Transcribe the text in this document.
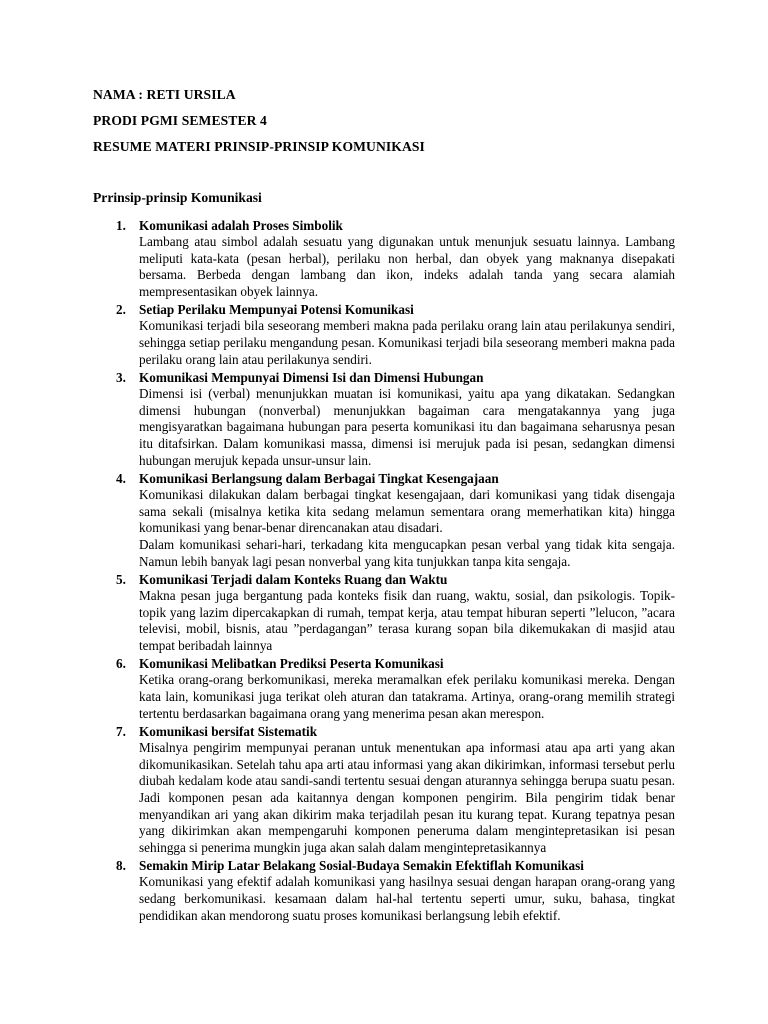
NAMA : RETI URSILA
PRODI PGMI SEMESTER 4
RESUME MATERI PRINSIP-PRINSIP KOMUNIKASI
Prrinsip-prinsip Komunikasi
1. Komunikasi adalah Proses Simbolik

Lambang atau simbol adalah sesuatu yang digunakan untuk menunjuk sesuatu lainnya. Lambang meliputi kata-kata (pesan herbal), perilaku non herbal, dan obyek yang maknanya disepakati bersama. Berbeda dengan lambang dan ikon, indeks adalah tanda yang secara alamiah mempresentasikan obyek lainnya.

2. Setiap Perilaku Mempunyai Potensi Komunikasi

Komunikasi terjadi bila seseorang memberi makna pada perilaku orang lain atau perilakunya sendiri, sehingga setiap perilaku mengandung pesan. Komunikasi terjadi bila seseorang memberi makna pada perilaku orang lain atau perilakunya sendiri.

3. Komunikasi Mempunyai Dimensi Isi dan Dimensi Hubungan

Dimensi isi (verbal) menunjukkan muatan isi komunikasi, yaitu apa yang dikatakan. Sedangkan dimensi hubungan (nonverbal) menunjukkan bagaiman cara mengatakannya yang juga mengisyaratkan bagaimana hubungan para peserta komunikasi itu dan bagaimana seharusnya pesan itu ditafsirkan. Dalam komunikasi massa, dimensi isi merujuk pada isi pesan, sedangkan dimensi hubungan merujuk kepada unsur-unsur lain.

4. Komunikasi Berlangsung dalam Berbagai Tingkat Kesengajaan

Komunikasi dilakukan dalam berbagai tingkat kesengajaan, dari komunikasi yang tidak disengaja sama sekali (misalnya ketika kita sedang melamun sementara orang memerhatikan kita) hingga komunikasi yang benar-benar direncanakan atau disadari.

Dalam komunikasi sehari-hari, terkadang kita mengucapkan pesan verbal yang tidak kita sengaja. Namun lebih banyak lagi pesan nonverbal yang kita tunjukkan tanpa kita sengaja.

5. Komunikasi Terjadi dalam Konteks Ruang dan Waktu

Makna pesan juga bergantung pada konteks fisik dan ruang, waktu, sosial, dan psikologis. Topik-topik yang lazim dipercakapkan di rumah, tempat kerja, atau tempat hiburan seperti ”lelucon, ”acara televisi, mobil, bisnis, atau ”perdagangan” terasa kurang sopan bila dikemukakan di masjid atau tempat beribadah lainnya

6. Komunikasi Melibatkan Prediksi Peserta Komunikasi

Ketika orang-orang berkomunikasi, mereka meramalkan efek perilaku komunikasi mereka. Dengan kata lain, komunikasi juga terikat oleh aturan dan tatakrama. Artinya, orang-orang memilih strategi tertentu berdasarkan bagaimana orang yang menerima pesan akan merespon.

7. Komunikasi bersifat Sistematik

Misalnya pengirim mempunyai peranan untuk menentukan apa informasi atau apa arti yang akan dikomunikasikan. Setelah tahu apa arti atau informasi yang akan dikirimkan, informasi tersebut perlu diubah kedalam kode atau sandi-sandi tertentu sesuai dengan aturannya sehingga berupa suatu pesan. Jadi komponen pesan ada kaitannya dengan komponen pengirim. Bila pengirim tidak benar menyandikan ari yang akan dikirim maka terjadilah pesan itu kurang tepat. Kurang tepatnya pesan yang dikirimkan akan mempengaruhi komponen peneruma dalam mengintepretasikan isi pesan sehingga si penerima mungkin juga akan salah dalam mengintepretasikannya

8. Semakin Mirip Latar Belakang Sosial-Budaya Semakin Efektiflah Komunikasi

Komunikasi yang efektif adalah komunikasi yang hasilnya sesuai dengan harapan orang-orang yang sedang berkomunikasi. kesamaan dalam hal-hal tertentu seperti umur, suku, bahasa, tingkat pendidikan akan mendorong suatu proses komunikasi berlangsung lebih efektif.
